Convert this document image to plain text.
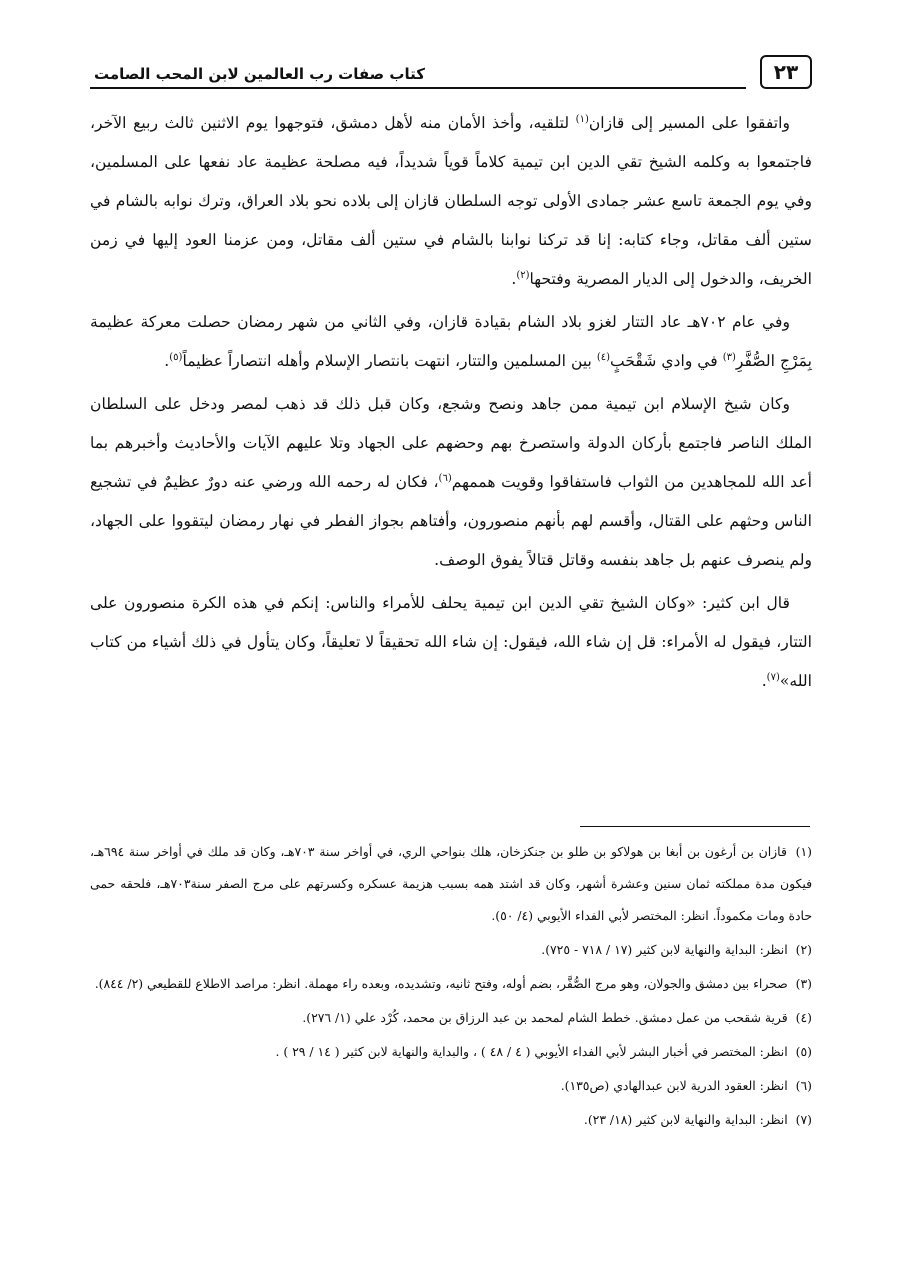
٢٣
كتاب صفات رب العالمين لابن المحب الصامت

واتفقوا على المسير إلى قازان$^{(١)}$ لتلقيه، وأخذ الأمان منه لأهل دمشق، فتوجهوا يوم الاثنين ثالث ربيع الآخر، فاجتمعوا به وكلمه الشيخ تقي الدين ابن تيمية كلاماً قوياً شديداً، فيه مصلحة عظيمة عاد نفعها على المسلمين، وفي يوم الجمعة تاسع عشر جمادى الأولى توجه السلطان قازان إلى بلاده نحو بلاد العراق، وترك نوابه بالشام في ستين ألف مقاتل، وجاء كتابه: إنا قد تركنا نوابنا بالشام في ستين ألف مقاتل، ومن عزمنا العود إليها في زمن الخريف، والدخول إلى الديار المصرية وفتحها$^{(٢)}$.

وفي عام ٧٠٢هـ عاد التتار لغزو بلاد الشام بقيادة قازان، وفي الثاني من شهر رمضان حصلت معركة عظيمة بِمَرْجِ الصُّفَّرِ$^{(٣)}$ في وادي شَقْحَبٍ$^{(٤)}$ بين المسلمين والتتار، انتهت بانتصار الإسلام وأهله انتصاراً عظيماً$^{(٥)}$.

وكان شيخ الإسلام ابن تيمية ممن جاهد ونصح وشجع، وكان قبل ذلك قد ذهب لمصر ودخل على السلطان الملك الناصر فاجتمع بأركان الدولة واستصرخ بهم وحضهم على الجهاد وتلا عليهم الآيات والأحاديث وأخبرهم بما أعد الله للمجاهدين من الثواب فاستفاقوا وقويت هممهم$^{(٦)}$، فكان له رحمه الله ورضي عنه دورٌ عظيمٌ في تشجيع الناس وحثهم على القتال، وأقسم لهم بأنهم منصورون، وأفتاهم بجواز الفطر في نهار رمضان ليتقووا على الجهاد، ولم ينصرف عنهم بل جاهد بنفسه وقاتل قتالاً يفوق الوصف.

قال ابن كثير: «وكان الشيخ تقي الدين ابن تيمية يحلف للأمراء والناس: إنكم في هذه الكرة منصورون على التتار، فيقول له الأمراء: قل إن شاء الله، فيقول: إن شاء الله تحقيقاً لا تعليقاً، وكان يتأول في ذلك أشياء من كتاب الله»$^{(٧)}$.

(١) قازان بن أرغون بن أبغا بن هولاكو بن طلو بن جنكزخان، هلك بنواحي الري، في أواخر سنة ٧٠٣هـ، وكان قد ملك في أواخر سنة ٦٩٤هـ، فيكون مدة مملكته ثمان سنين وعشرة أشهر، وكان قد اشتد همه بسبب هزيمة عسكره وكسرتهم على مرج الصفر سنة٧٠٣هـ، فلحقه حمى حادة ومات مكموداً. انظر: المختصر لأبي الفداء الأيوبي (٤/ ٥٠).
(٢) انظر: البداية والنهاية لابن كثير (١٧ / ٧١٨ - ٧٢٥).
(٣) صحراء بين دمشق والجولان، وهو مرج الصُّفَّر، بضم أوله، وفتح ثانيه، وتشديده، وبعده راء مهملة. انظر: مراصد الاطلاع للقطيعي (٢/ ٨٤٤).
(٤) قرية شقحب من عمل دمشق. خطط الشام لمحمد بن عبد الرزاق بن محمد، كُرْد علي (١/ ٢٧٦).
(٥) انظر: المختصر في أخبار البشر لأبي الفداء الأيوبي ( ٤ / ٤٨ ) ، والبداية والنهاية لابن كثير ( ١٤ / ٢٩ ) .
(٦) انظر: العقود الدرية لابن عبدالهادي (ص١٣٥).
(٧) انظر: البداية والنهاية لابن كثير (١٨/ ٢٣).
